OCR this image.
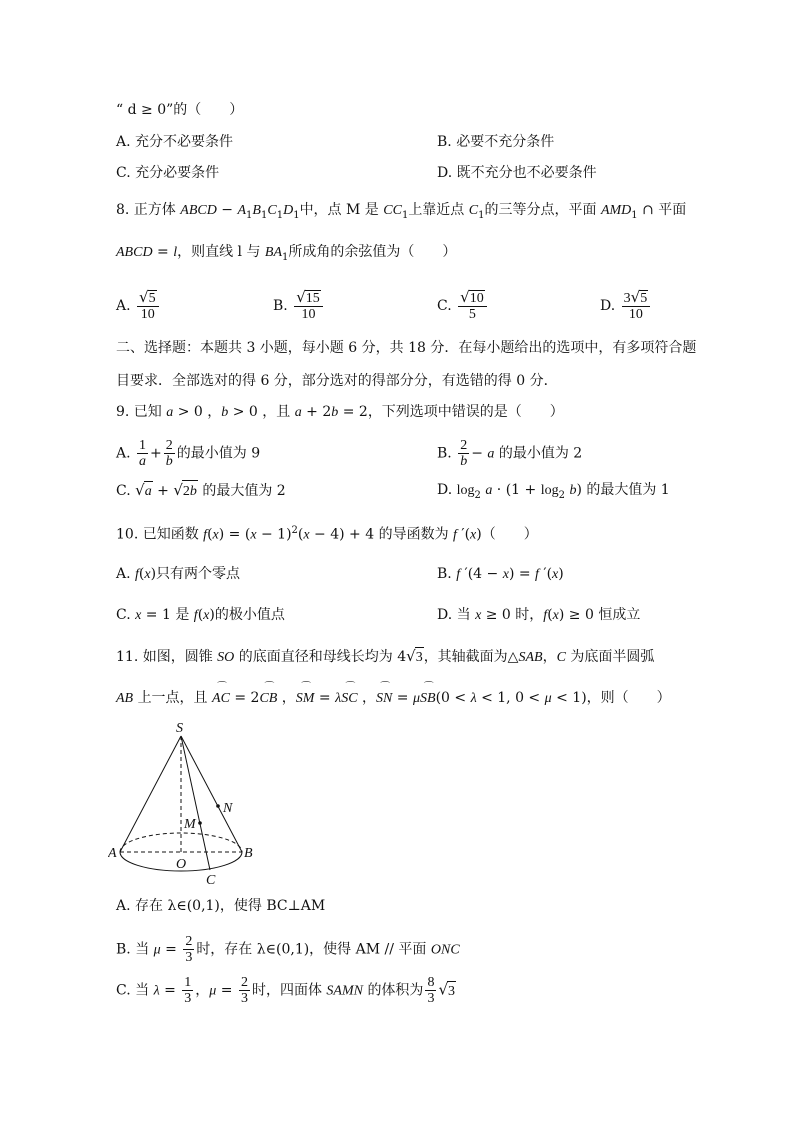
“ d ≥ 0”的（　　）
A. 充分不必要条件	B. 必要不充分条件
C. 充分必要条件	D. 既不充分也不必要条件
8. 正方体 ABCD − $A_1B_1C_1D_1$中，点 M 是 $CC_1$上靠近点 $C_1$的三等分点，平面 $AMD_1$ ∩ 平面
ABCD = l，则直线 l 与 $BA_1$所成角的余弦值为（　　）
A. $\frac{√5}{10}$	B. $\frac{√15}{10}$	C. $\frac{√10}{5}$	D. $\frac{3√5}{10}$
二、选择题：本题共 3 小题，每小题 6 分，共 18 分．在每小题给出的选项中，有多项符合题
目要求．全部选对的得 6 分，部分选对的得部分分，有选错的得 0 分．
9. 已知 a > 0 ，b > 0 ，且 a + 2b = 2，下列选项中错误的是（　　）
A. $\frac{1}{a} + \frac{2}{b}$ 的最小值为 9	B. $\frac{2}{b} - a$ 的最小值为 2
C. √a + √2b 的最大值为 2	D. $\log_2 a \cdot (1 + \log_2 b)$ 的最大值为 1
10. 已知函数 $f(x) = (x - 1)^2(x - 4) + 4$ 的导函数为 f ′(x)（　　）
A. f(x)只有两个零点	B. f ′(4 − x) = f ′(x)
C. x = 1 是 f(x)的极小值点	D. 当 x ≥ 0 时，f(x) ≥ 0 恒成立
11. 如图，圆锥 SO 的底面直径和母线长均为 4√3，其轴截面为△SAB，C 为底面半圆弧
AB 上一点，且 ⌒ AC = 2⌒ CB ，⌒ SM = λ⌒ SC ，⌒ SN = μ⌒ SB(0 < λ < 1, 0 < μ < 1)，则（　　）
S
A
O
B
C
M
N
A. 存在 λ∈(0,1)，使得 BC⊥AM
B. 当 $\mu = \frac{2}{3}$ 时，存在 λ∈(0,1)，使得 AM // 平面 ONC
C. 当 $\lambda = \frac{1}{3}$ ，$\mu = \frac{2}{3}$ 时，四面体 SAMN 的体积为 $\frac{8}{3} √3$
